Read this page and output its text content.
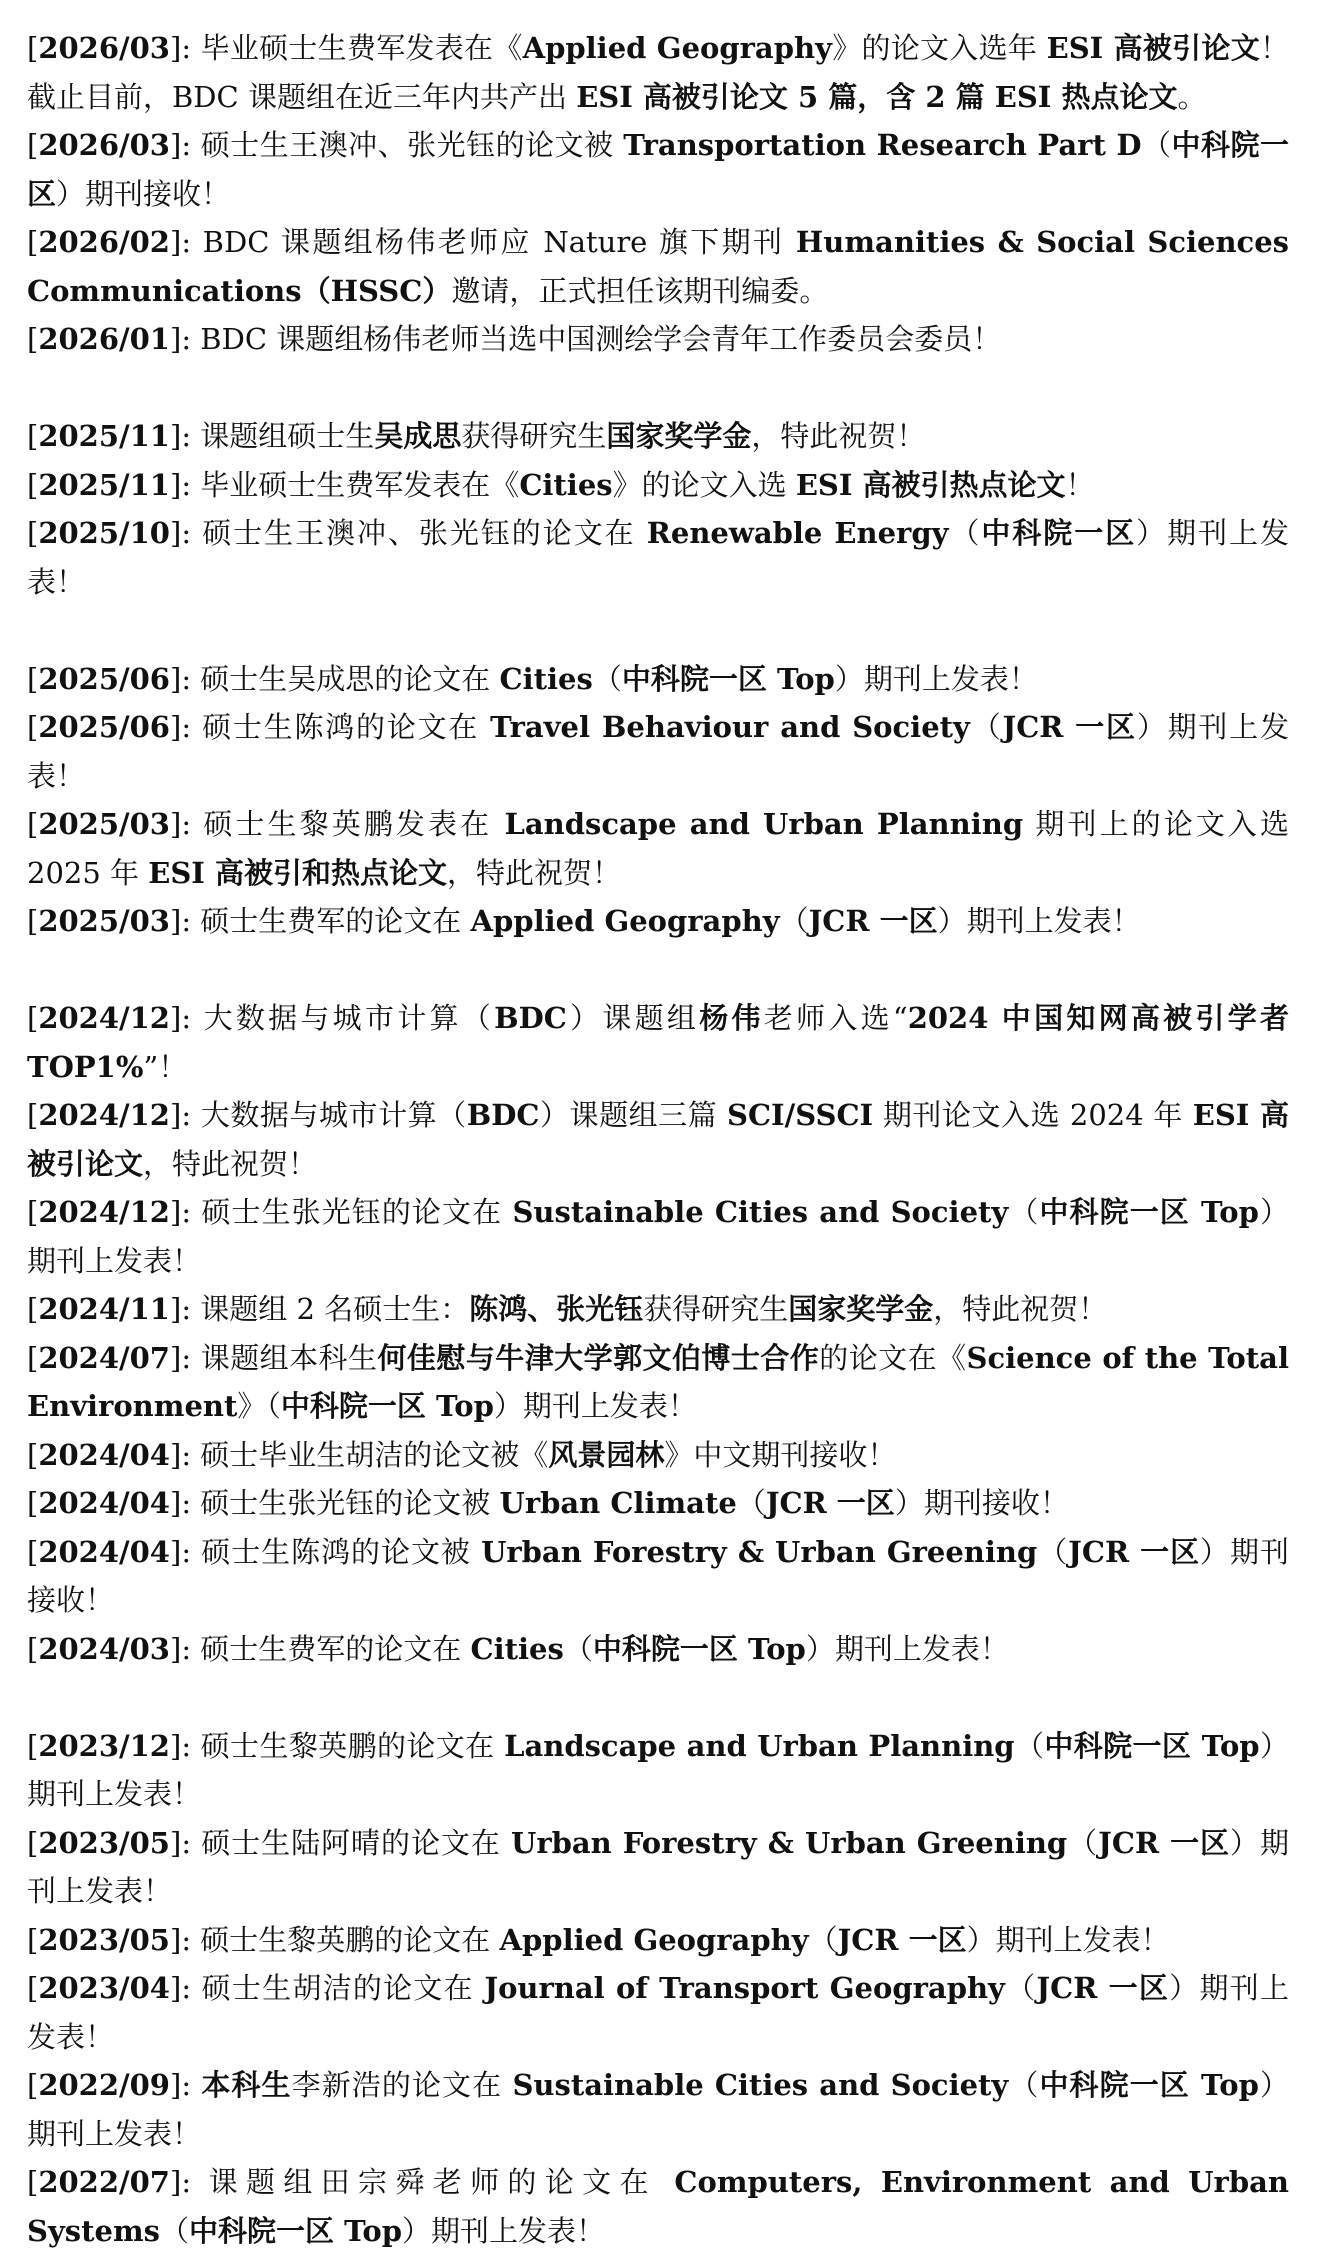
[2026/03]: 毕业硕士生费军发表在《Applied Geography》的论文入选年 ESI 高被引论文！截止目前，BDC 课题组在近三年内共产出 ESI 高被引论文 5 篇，含 2 篇 ESI 热点论文。

[2026/03]: 硕士生王澳冲、张光钰的论文被 Transportation Research Part D（中科院一区）期刊接收！

[2026/02]: BDC 课题组杨伟老师应 Nature 旗下期刊 Humanities & Social Sciences Communications（HSSC）邀请，正式担任该期刊编委。

[2026/01]: BDC 课题组杨伟老师当选中国测绘学会青年工作委员会委员！

[2025/11]: 课题组硕士生吴成思获得研究生国家奖学金，特此祝贺！

[2025/11]: 毕业硕士生费军发表在《Cities》的论文入选 ESI 高被引热点论文！

[2025/10]: 硕士生王澳冲、张光钰的论文在 Renewable Energy（中科院一区）期刊上发表！

[2025/06]: 硕士生吴成思的论文在 Cities（中科院一区 Top）期刊上发表！

[2025/06]: 硕士生陈鸿的论文在 Travel Behaviour and Society（JCR 一区）期刊上发表！

[2025/03]: 硕士生黎英鹏发表在 Landscape and Urban Planning 期刊上的论文入选 2025 年 ESI 高被引和热点论文，特此祝贺！

[2025/03]: 硕士生费军的论文在 Applied Geography（JCR 一区）期刊上发表！

[2024/12]: 大数据与城市计算（BDC）课题组杨伟老师入选“2024 中国知网高被引学者 TOP1%”！

[2024/12]: 大数据与城市计算（BDC）课题组三篇 SCI/SSCI 期刊论文入选 2024 年 ESI 高被引论文，特此祝贺！

[2024/12]: 硕士生张光钰的论文在 Sustainable Cities and Society（中科院一区 Top）期刊上发表！

[2024/11]: 课题组 2 名硕士生：陈鸿、张光钰获得研究生国家奖学金，特此祝贺！

[2024/07]: 课题组本科生何佳慰与牛津大学郭文伯博士合作的论文在《Science of the Total Environment》（中科院一区 Top）期刊上发表！

[2024/04]: 硕士毕业生胡洁的论文被《风景园林》中文期刊接收！

[2024/04]: 硕士生张光钰的论文被 Urban Climate（JCR 一区）期刊接收！

[2024/04]: 硕士生陈鸿的论文被 Urban Forestry & Urban Greening（JCR 一区）期刊接收！

[2024/03]: 硕士生费军的论文在 Cities（中科院一区 Top）期刊上发表！

[2023/12]: 硕士生黎英鹏的论文在 Landscape and Urban Planning（中科院一区 Top）期刊上发表！

[2023/05]: 硕士生陆阿晴的论文在 Urban Forestry & Urban Greening（JCR 一区）期刊上发表！

[2023/05]: 硕士生黎英鹏的论文在 Applied Geography（JCR 一区）期刊上发表！

[2023/04]: 硕士生胡洁的论文在 Journal of Transport Geography（JCR 一区）期刊上发表！

[2022/09]: 本科生李新浩的论文在 Sustainable Cities and Society（中科院一区 Top）期刊上发表！

[2022/07]: 课题组田宗舜老师的论文在 Computers, Environment and Urban Systems（中科院一区 Top）期刊上发表！
